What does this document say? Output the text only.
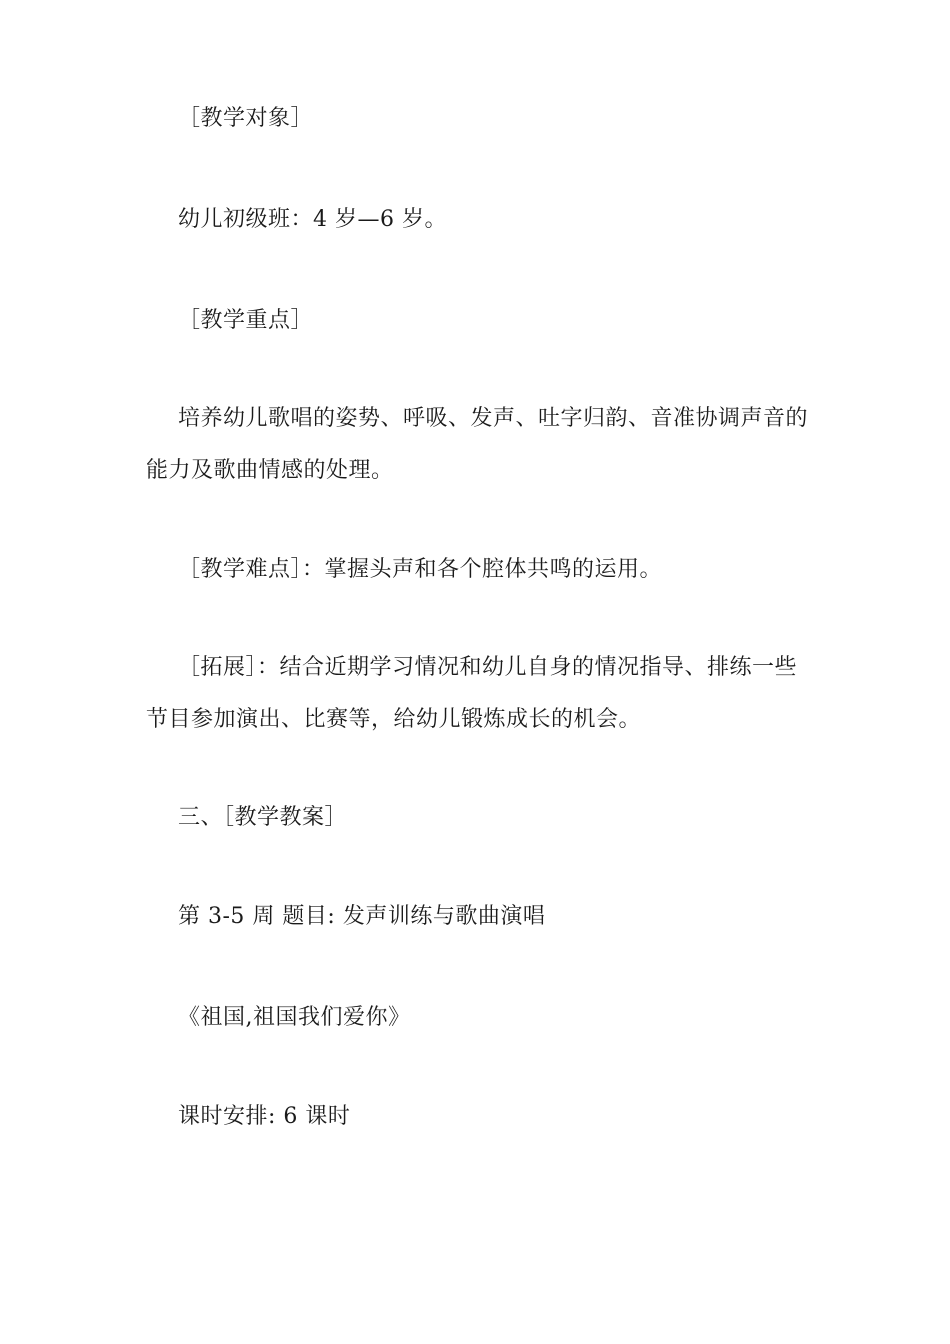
［教学对象］

幼儿初级班：4 岁—6 岁。

［教学重点］

培养幼儿歌唱的姿势、呼吸、发声、吐字归韵、音准协调声音的能力及歌曲情感的处理。

［教学难点］：掌握头声和各个腔体共鸣的运用。

［拓展］：结合近期学习情况和幼儿自身的情况指导、排练一些节目参加演出、比赛等，给幼儿锻炼成长的机会。

三、［教学教案］

第 3-5 周 题目: 发声训练与歌曲演唱

《祖国,祖国我们爱你》

课时安排: 6 课时
